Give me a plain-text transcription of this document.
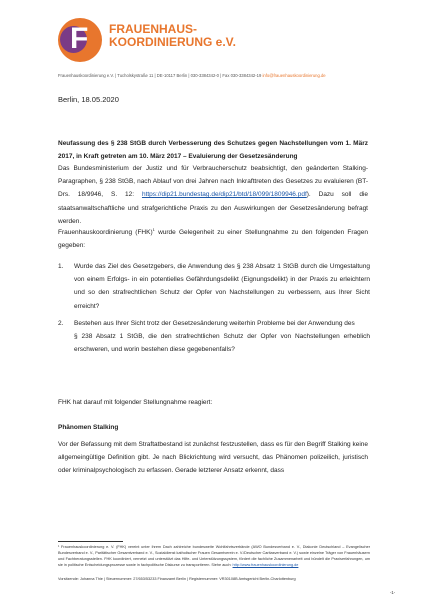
F FRAUENHAUS-
KOORDINIERUNG e.V.
Frauenhauskoordinierung e.V. | Tucholskystraße 11 | DE-10117 Berlin | 030-3384342-0 | Fax 030-3384342-19 info@frauenhauskoordinierung.de
Berlin, 18.05.2020
Neufassung des § 238 StGB durch Verbesserung des Schutzes gegen Nachstellungen vom 1. März 2017, in Kraft getreten am 10. März 2017 – Evaluierung der Gesetzesänderung
Das Bundesministerium der Justiz und für Verbraucherschutz beabsichtigt, den geänderten Stalking-Paragraphen, § 238 StGB, nach Ablauf von drei Jahren nach Inkrafttreten des Gesetzes zu evaluieren (BT-Drs. 18/9946, S. 12: https://dip21.bundestag.de/dip21/btd/18/099/1809946.pdf). Dazu soll die staatsanwaltschaftliche und strafgerichtliche Praxis zu den Auswirkungen der Gesetzesänderung befragt werden.
Frauenhauskoordinierung (FHK)$^1$ wurde Gelegenheit zu einer Stellungnahme zu den folgenden Fragen gegeben:
1.	Wurde das Ziel des Gesetzgebers, die Anwendung des § 238 Absatz 1 StGB durch die Umgestaltung von einem Erfolgs- in ein potentielles Gefährdungsdelikt (Eignungsdelikt) in der Praxis zu erleichtern und so den strafrechtlichen Schutz der Opfer von Nachstellungen zu verbessern, aus Ihrer Sicht erreicht?
2.	Bestehen aus Ihrer Sicht trotz der Gesetzesänderung weiterhin Probleme bei der Anwendung des
§ 238 Absatz 1 StGB, die den strafrechtlichen Schutz der Opfer von Nachstellungen erheblich erschweren, und worin bestehen diese gegebenenfalls?
FHK hat darauf mit folgender Stellungnahme reagiert:
Phänomen Stalking
Vor der Befassung mit dem Straftatbestand ist zunächst festzustellen, dass es für den Begriff Stalking keine allgemeingültige Definition gibt. Je nach Blickrichtung wird versucht, das Phänomen polizeilich, juristisch oder kriminalpsychologisch zu erfassen. Gerade letzterer Ansatz erkennt, dass
¹ Frauenhauskoordinierung e. V. (FHK) vereint unter ihrem Dach zahlreiche bundesweite Wohlfahrtsverbände (AWO Bundesverband e. V., Diakonie Deutschland – Evangelischer Bundesverband e. V., Paritätischer Gesamtverband e. V., Sozialdienst katholischer Frauen Gesamtverein e. V./Deutscher Caritasverband e. V.) sowie einzelne Träger von Frauenhäusern und Fachberatungsstellen. FHK koordiniert, vernetzt und unterstützt das Hilfe- und Unterstützungssystem, fördert die fachliche Zusammenarbeit und bündelt die Praxiserfahrungen, um sie in politische Entscheidungsprozesse sowie in fachpolitische Diskurse zu transportieren. Siehe auch: http://www.frauenhauskoordinierung.de
Vorsitzende: Johanna Thie | Steuernummer: 27/653/53233 Finanzamt Berlin | Registernummer: VR30108B Amtsgericht Berlin-Charlottenburg
-1-
